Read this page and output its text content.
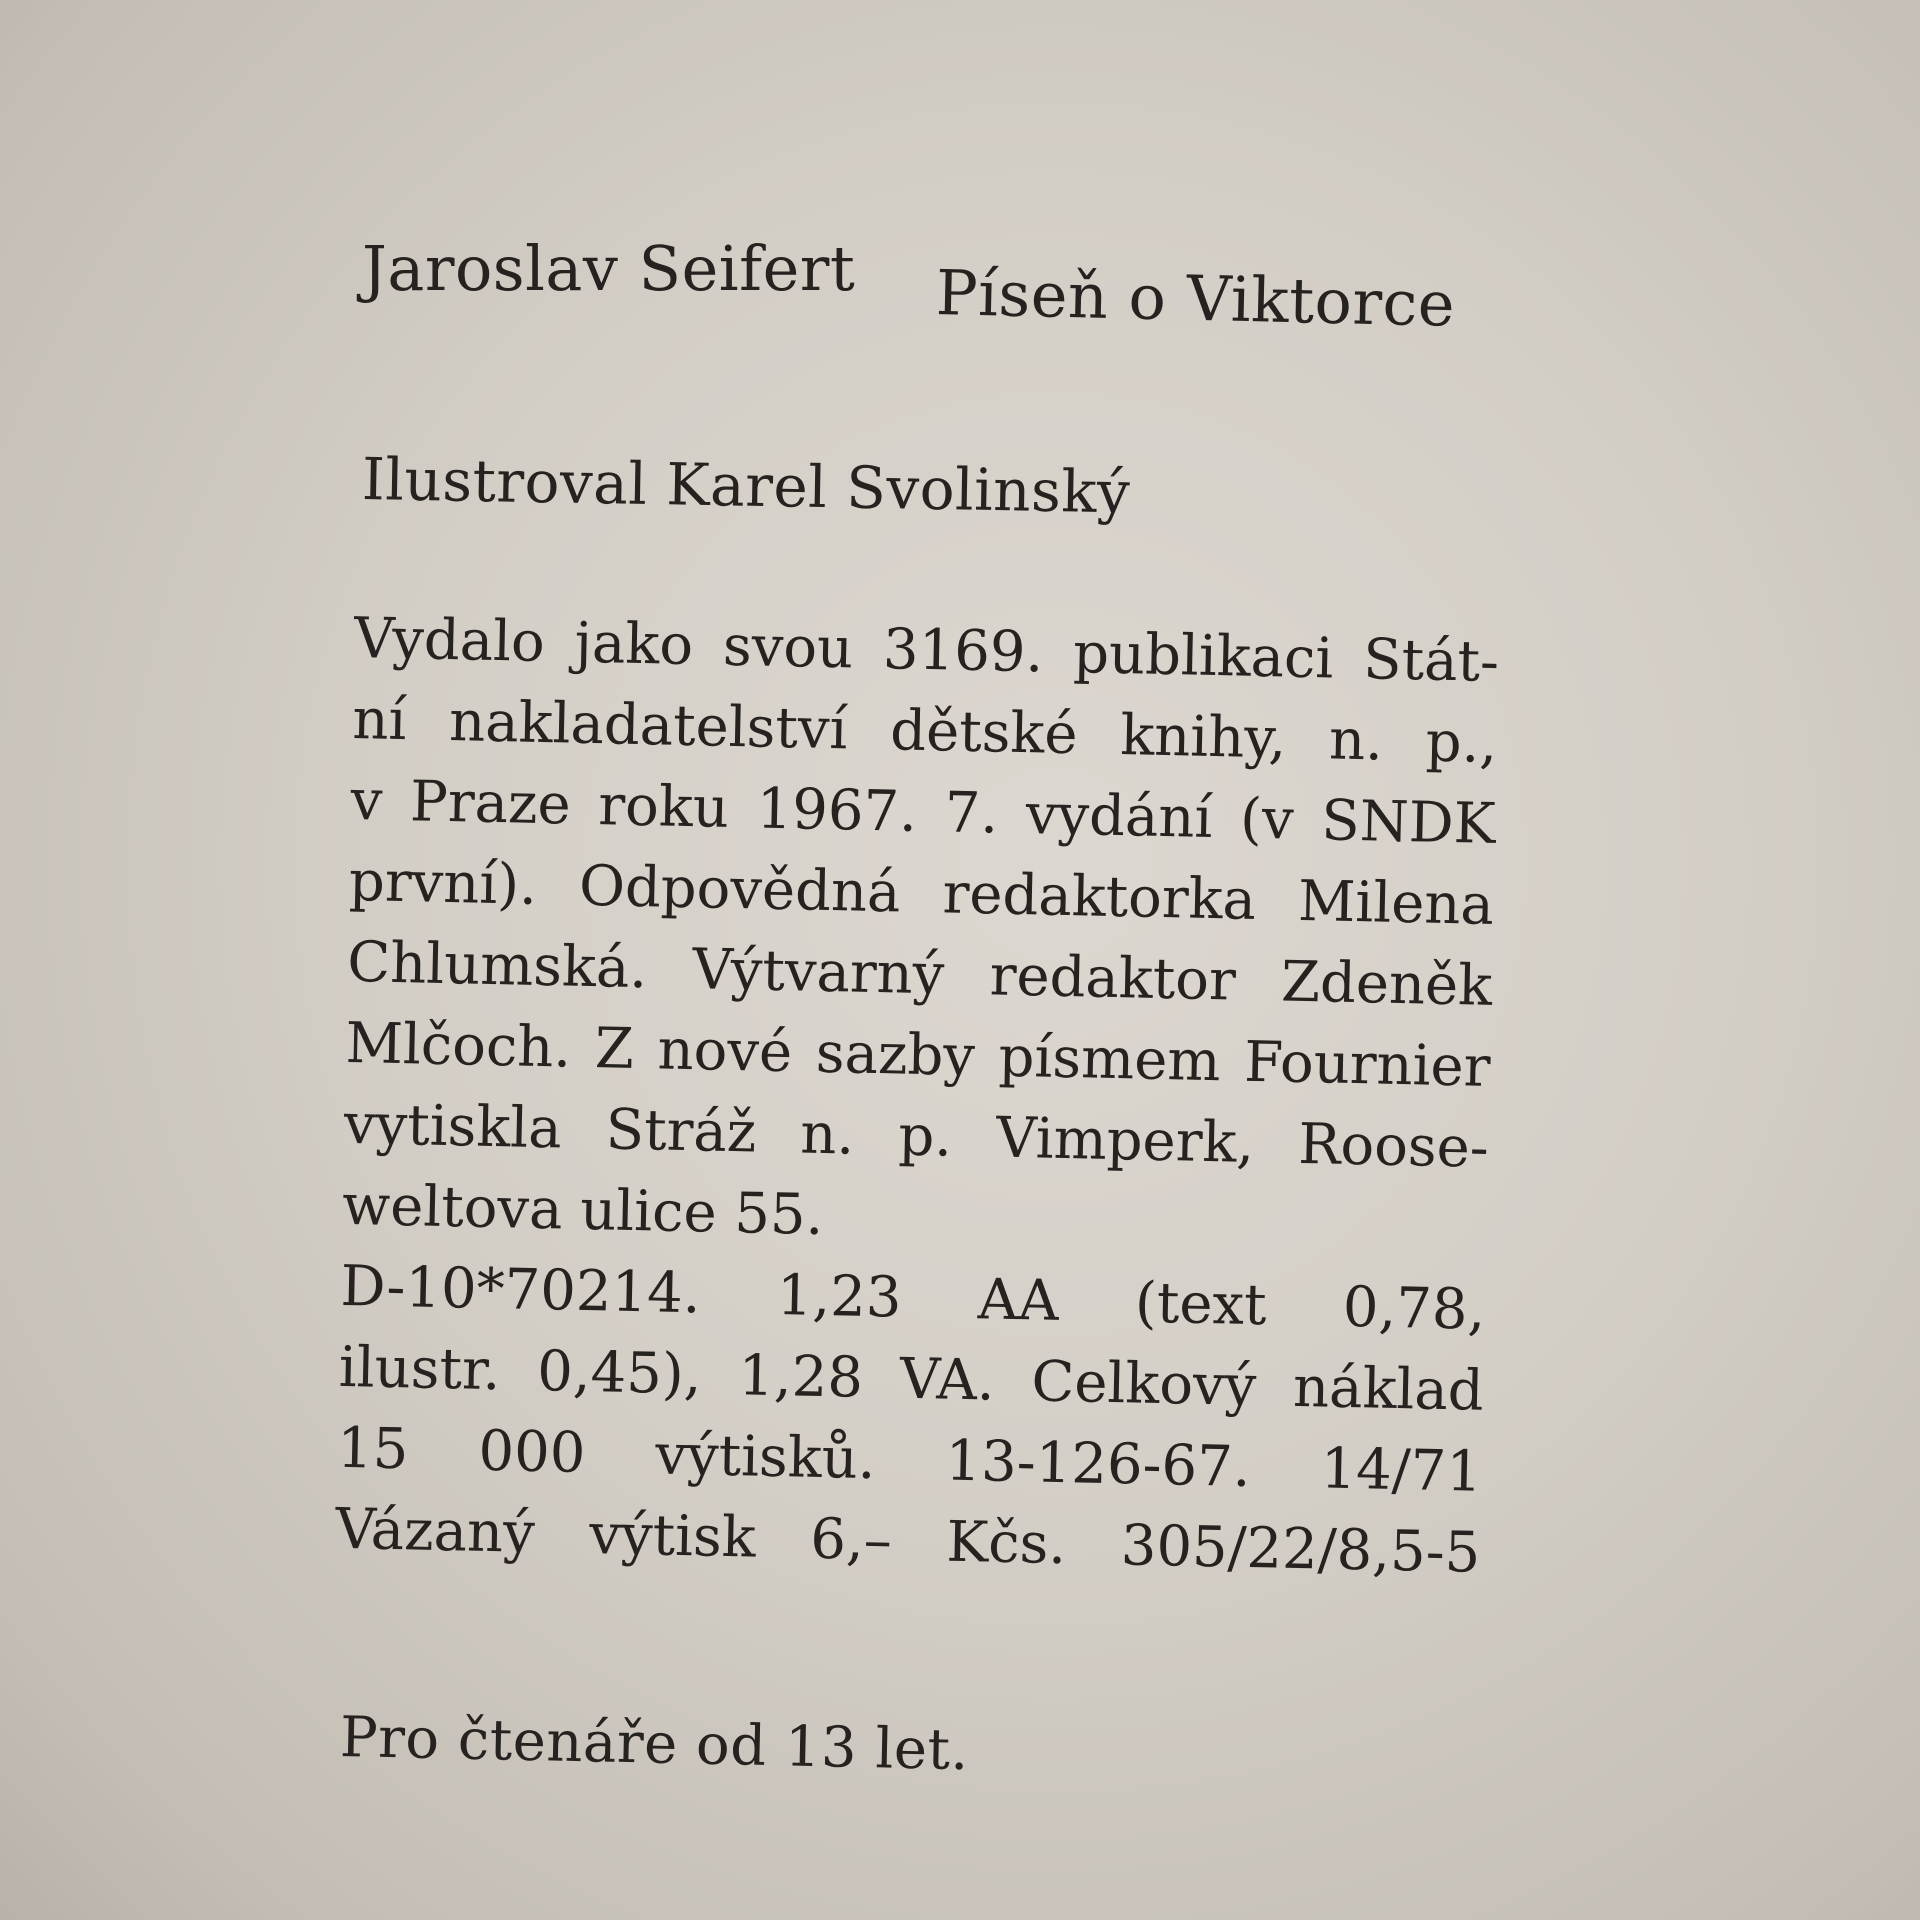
Jaroslav Seifert Píseň o Viktorce
Ilustroval Karel Svolinský
Vydalo jako svou 3169. publikaci Stát-
ní nakladatelství dětské knihy, n. p.,
v Praze roku 1967. 7. vydání (v SNDK
první). Odpovědná redaktorka Milena
Chlumská. Výtvarný redaktor Zdeněk
Mlčoch. Z nové sazby písmem Fournier
vytiskla Stráž n. p. Vimperk, Roose-
weltova ulice 55.
D-10*70214. 1,23 AA (text 0,78,
ilustr. 0,45), 1,28 VA. Celkový náklad
15 000 výtisků. 13-126-67. 14/71
Vázaný výtisk 6,– Kčs. 305/22/8,5-5
Pro čtenáře od 13 let.
